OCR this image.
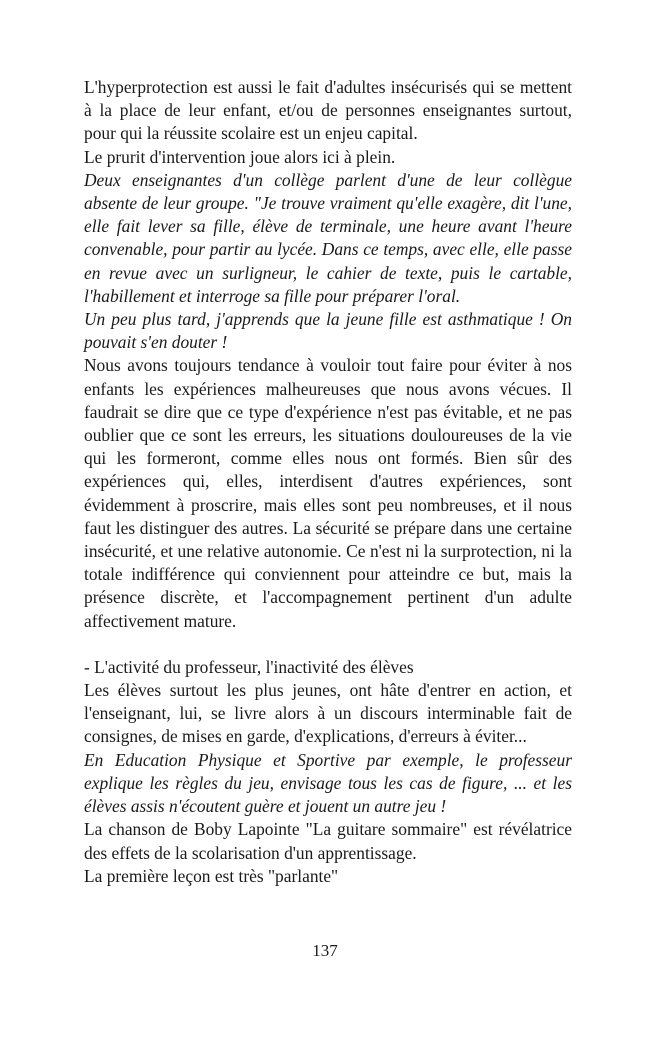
L'hyperprotection est aussi le fait d'adultes insécurisés qui se mettent à la place de leur enfant, et/ou de personnes enseignantes surtout, pour qui la réussite scolaire est un enjeu capital.

Le prurit d'intervention joue alors ici à plein.

Deux enseignantes d'un collège parlent d'une de leur collègue absente de leur groupe. "Je trouve vraiment qu'elle exagère, dit l'une, elle fait lever sa fille, élève de terminale, une heure avant l'heure convenable, pour partir au lycée. Dans ce temps, avec elle, elle passe en revue avec un surligneur, le cahier de texte, puis le cartable, l'habillement et interroge sa fille pour préparer l'oral.

Un peu plus tard, j'apprends que la jeune fille est asthmatique ! On pouvait s'en douter !

Nous avons toujours tendance à vouloir tout faire pour éviter à nos enfants les expériences malheureuses que nous avons vécues. Il faudrait se dire que ce type d'expérience n'est pas évitable, et ne pas oublier que ce sont les erreurs, les situations douloureuses de la vie qui les formeront, comme elles nous ont formés. Bien sûr des expériences qui, elles, interdisent d'autres expériences, sont évidemment à proscrire, mais elles sont peu nombreuses, et il nous faut les distinguer des autres. La sécurité se prépare dans une certaine insécurité, et une relative autonomie. Ce n'est ni la surprotection, ni la totale indifférence qui conviennent pour atteindre ce but, mais la présence discrète, et l'accompagnement pertinent d'un adulte affectivement mature.

- L'activité du professeur, l'inactivité des élèves

Les élèves surtout les plus jeunes, ont hâte d'entrer en action, et l'enseignant, lui, se livre alors à un discours interminable fait de consignes, de mises en garde, d'explications, d'erreurs à éviter...

En Education Physique et Sportive par exemple, le professeur explique les règles du jeu, envisage tous les cas de figure, ... et les élèves assis n'écoutent guère et jouent un autre jeu !

La chanson de Boby Lapointe "La guitare sommaire" est révélatrice des effets de la scolarisation d'un apprentissage.

La première leçon est très "parlante"

137
